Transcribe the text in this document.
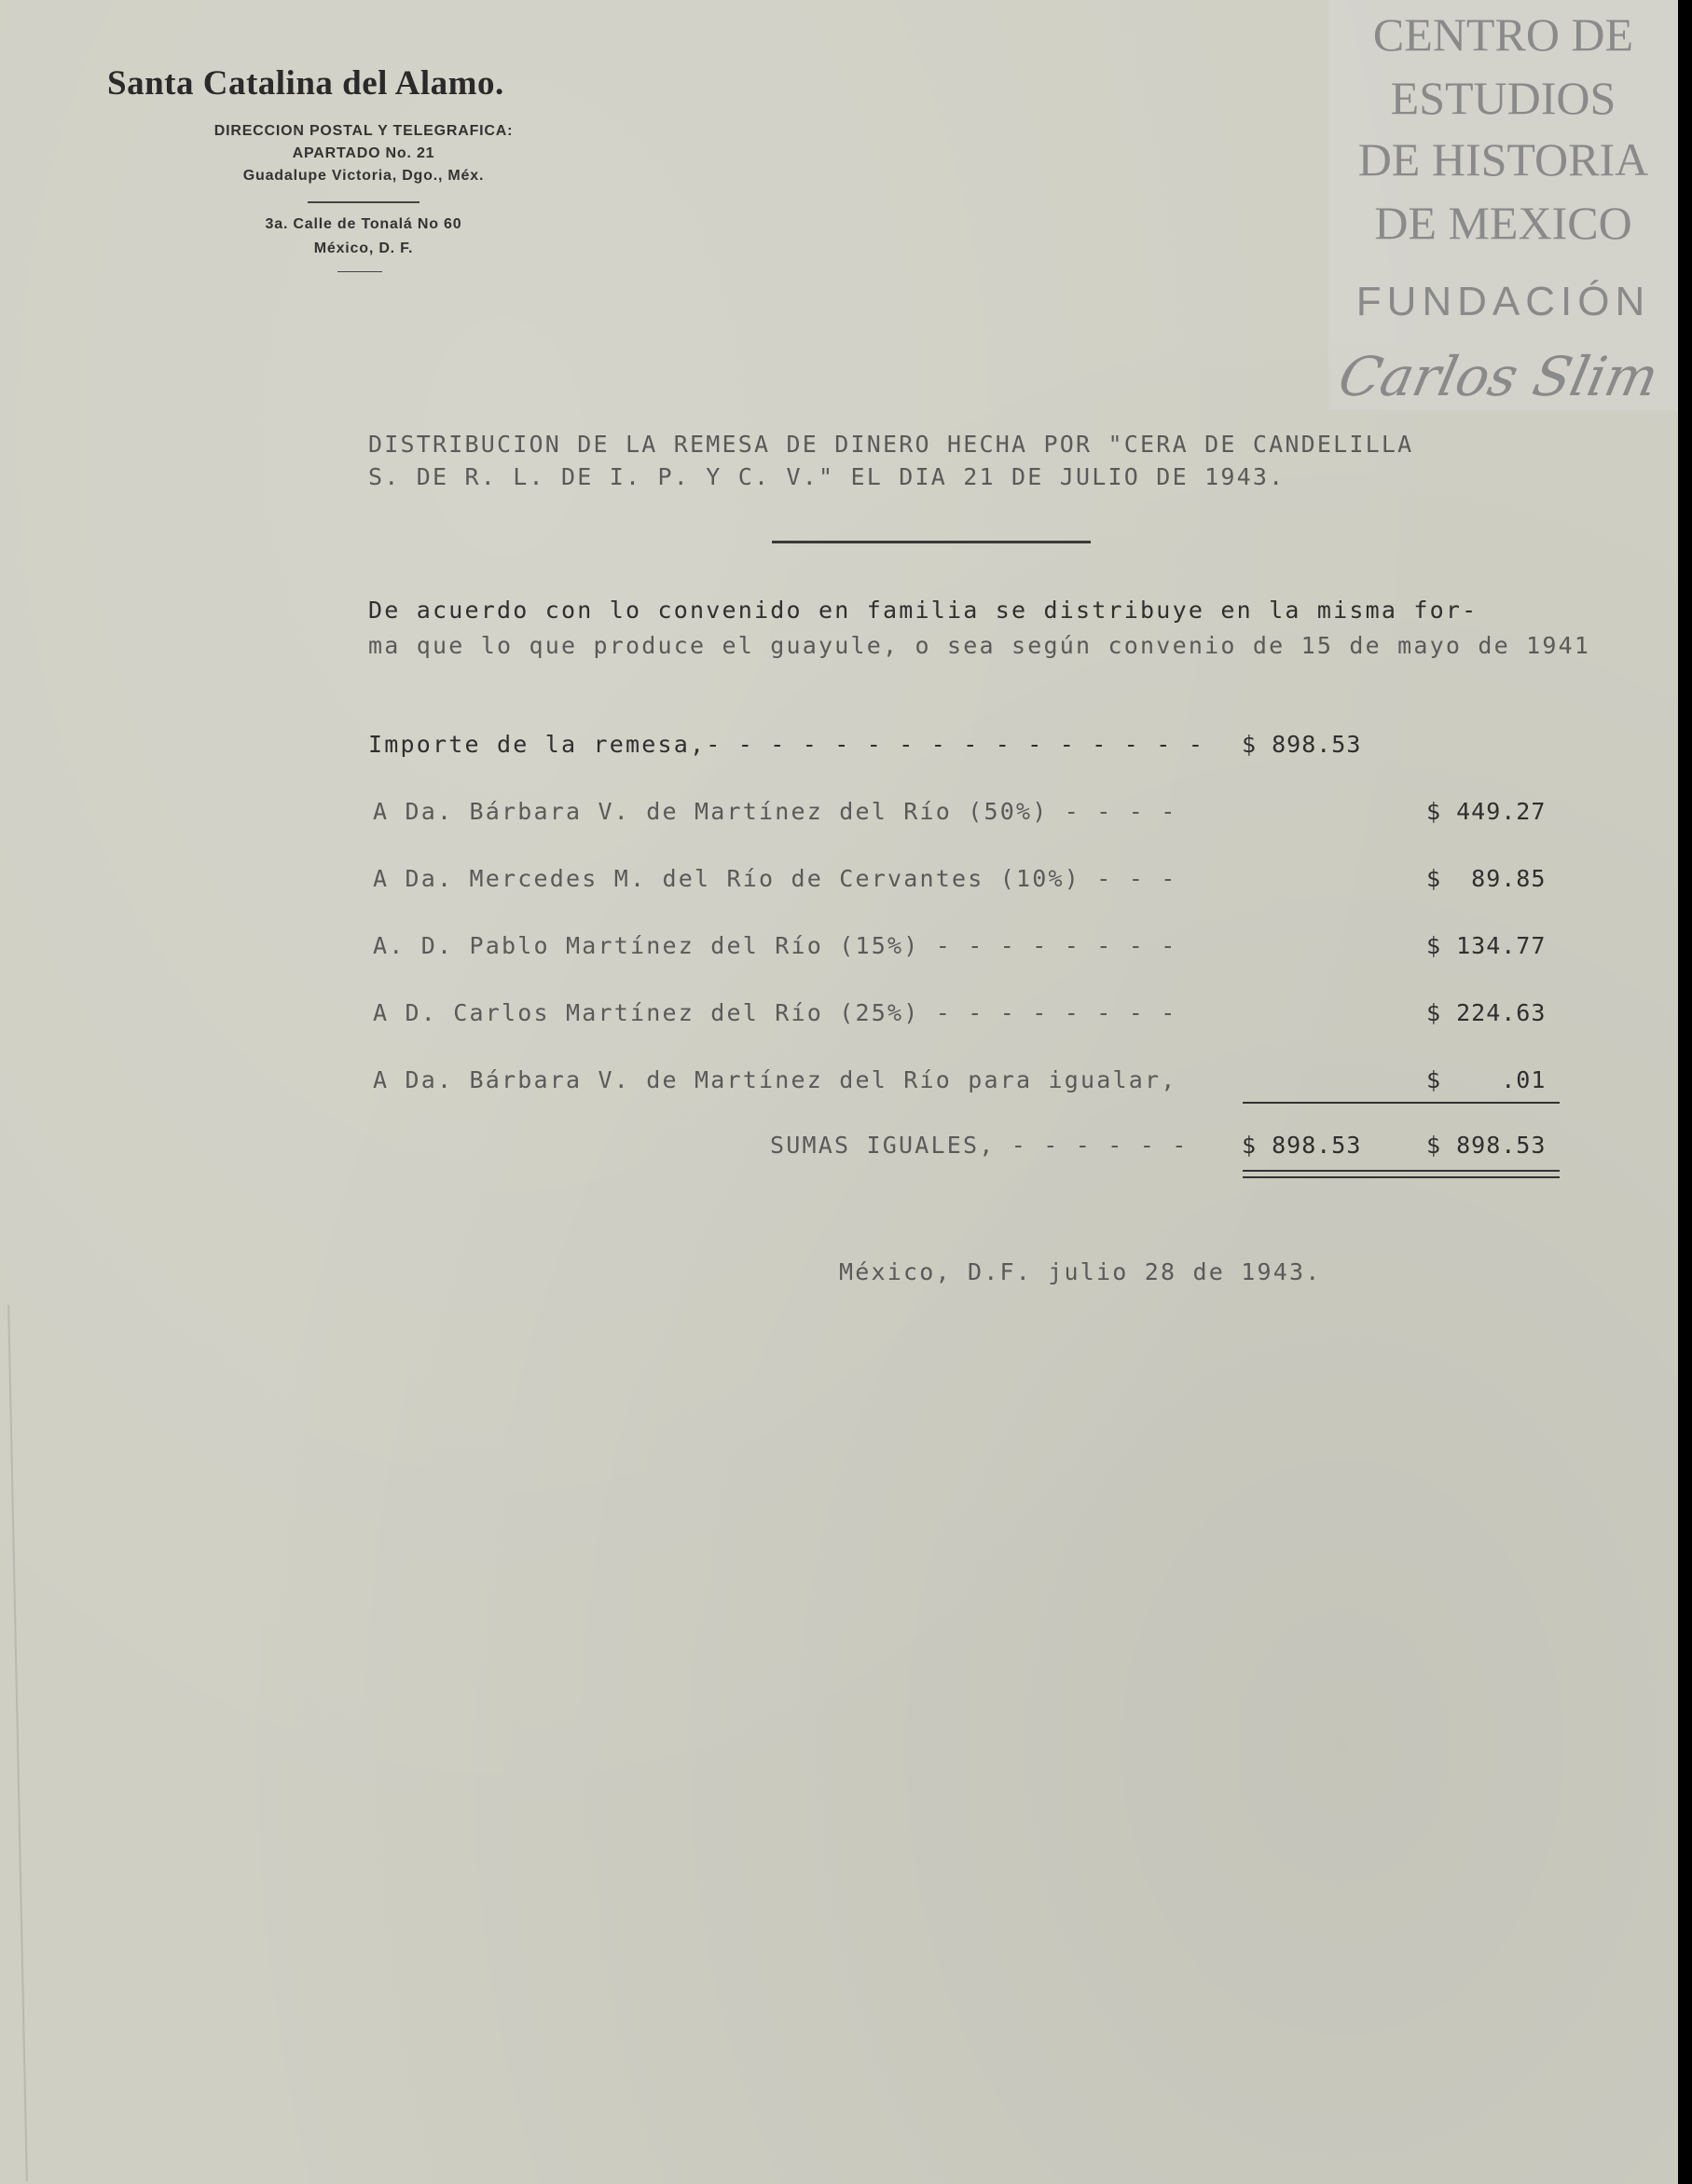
Santa Catalina del Alamo.
DIRECCION POSTAL Y TELEGRAFICA:
APARTADO No. 21
Guadalupe Victoria, Dgo., Méx.
3a. Calle de Tonalá No 60
México, D. F.
CENTRO DE
ESTUDIOS
DE HISTORIA
DE MEXICO
FUNDACIÓN
Carlos Slim
DISTRIBUCION DE LA REMESA DE DINERO HECHA POR "CERA DE CANDELILLA
S. DE R. L. DE I. P. Y C. V." EL DIA 21 DE JULIO DE 1943.
De acuerdo con lo convenido en familia se distribuye en la misma for-
ma que lo que produce el guayule, o sea según convenio de 15 de mayo de 1941
Importe de la remesa,- - - - - - - - - - - - - - - - $ 898.53
A Da. Bárbara V. de Martínez del Río (50%) - - - -	$ 449.27
A Da. Mercedes M. del Río de Cervantes (10%) - - -	$  89.85
A. D. Pablo Martínez del Río (15%) - - - - - - - -	$ 134.77
A D. Carlos Martínez del Río (25%) - - - - - - - -	$ 224.63
A Da. Bárbara V. de Martínez del Río para igualar,	$    .01
SUMAS IGUALES, - - - - - - $ 898.53	$ 898.53
México, D.F. julio 28 de 1943.
